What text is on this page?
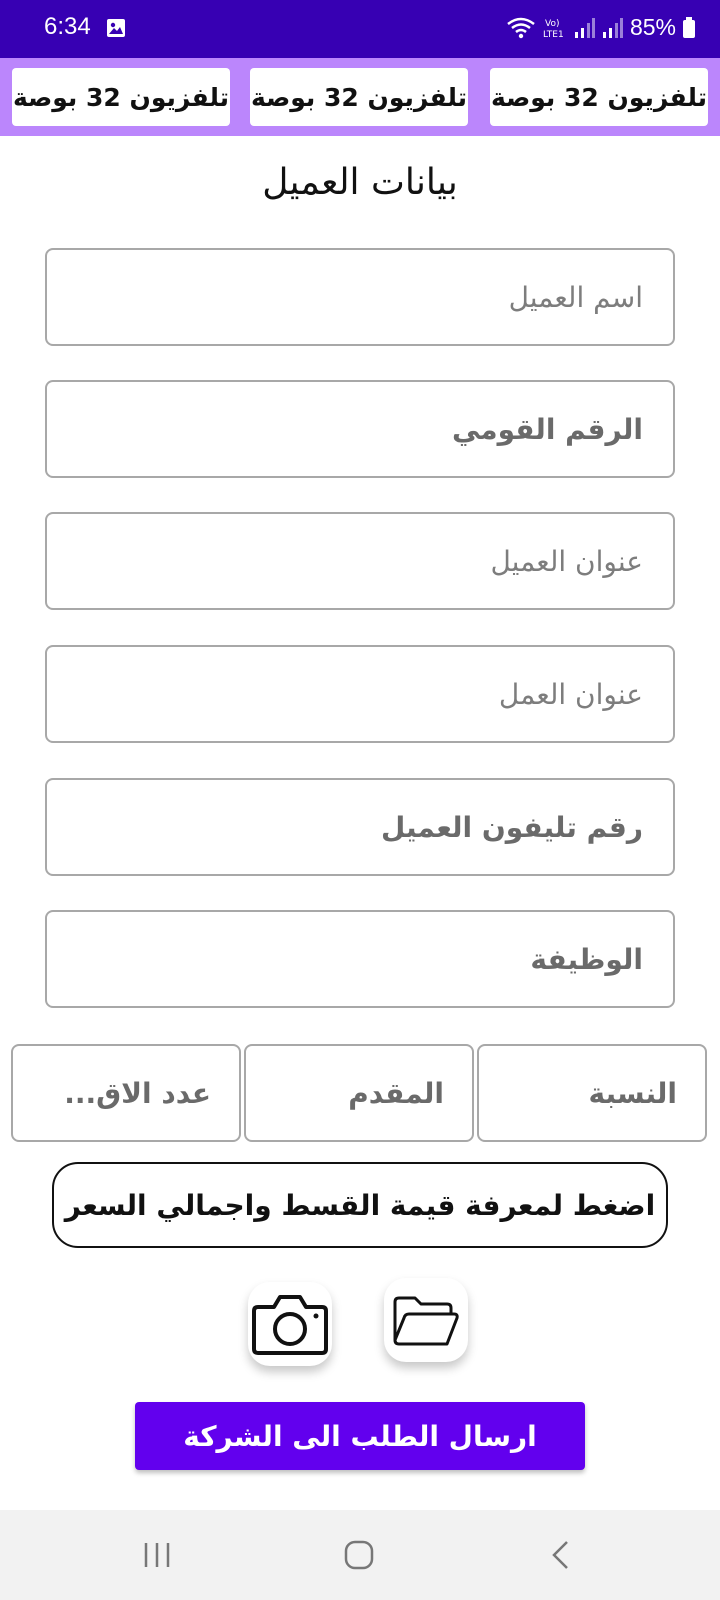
6:34	Vo)
LTE1	85%
تلفزيون 32 بوصة تلفزيون 32 بوصة تلفزيون 32 بوصة
بيانات العميل
اسم العميل
الرقم القومي
عنوان العميل
عنوان العمل
رقم تليفون العميل
الوظيفة
عدد الاق...
المقدم
النسبة
اضغط لمعرفة قيمة القسط واجمالي السعر
ارسال الطلب الى الشركة
